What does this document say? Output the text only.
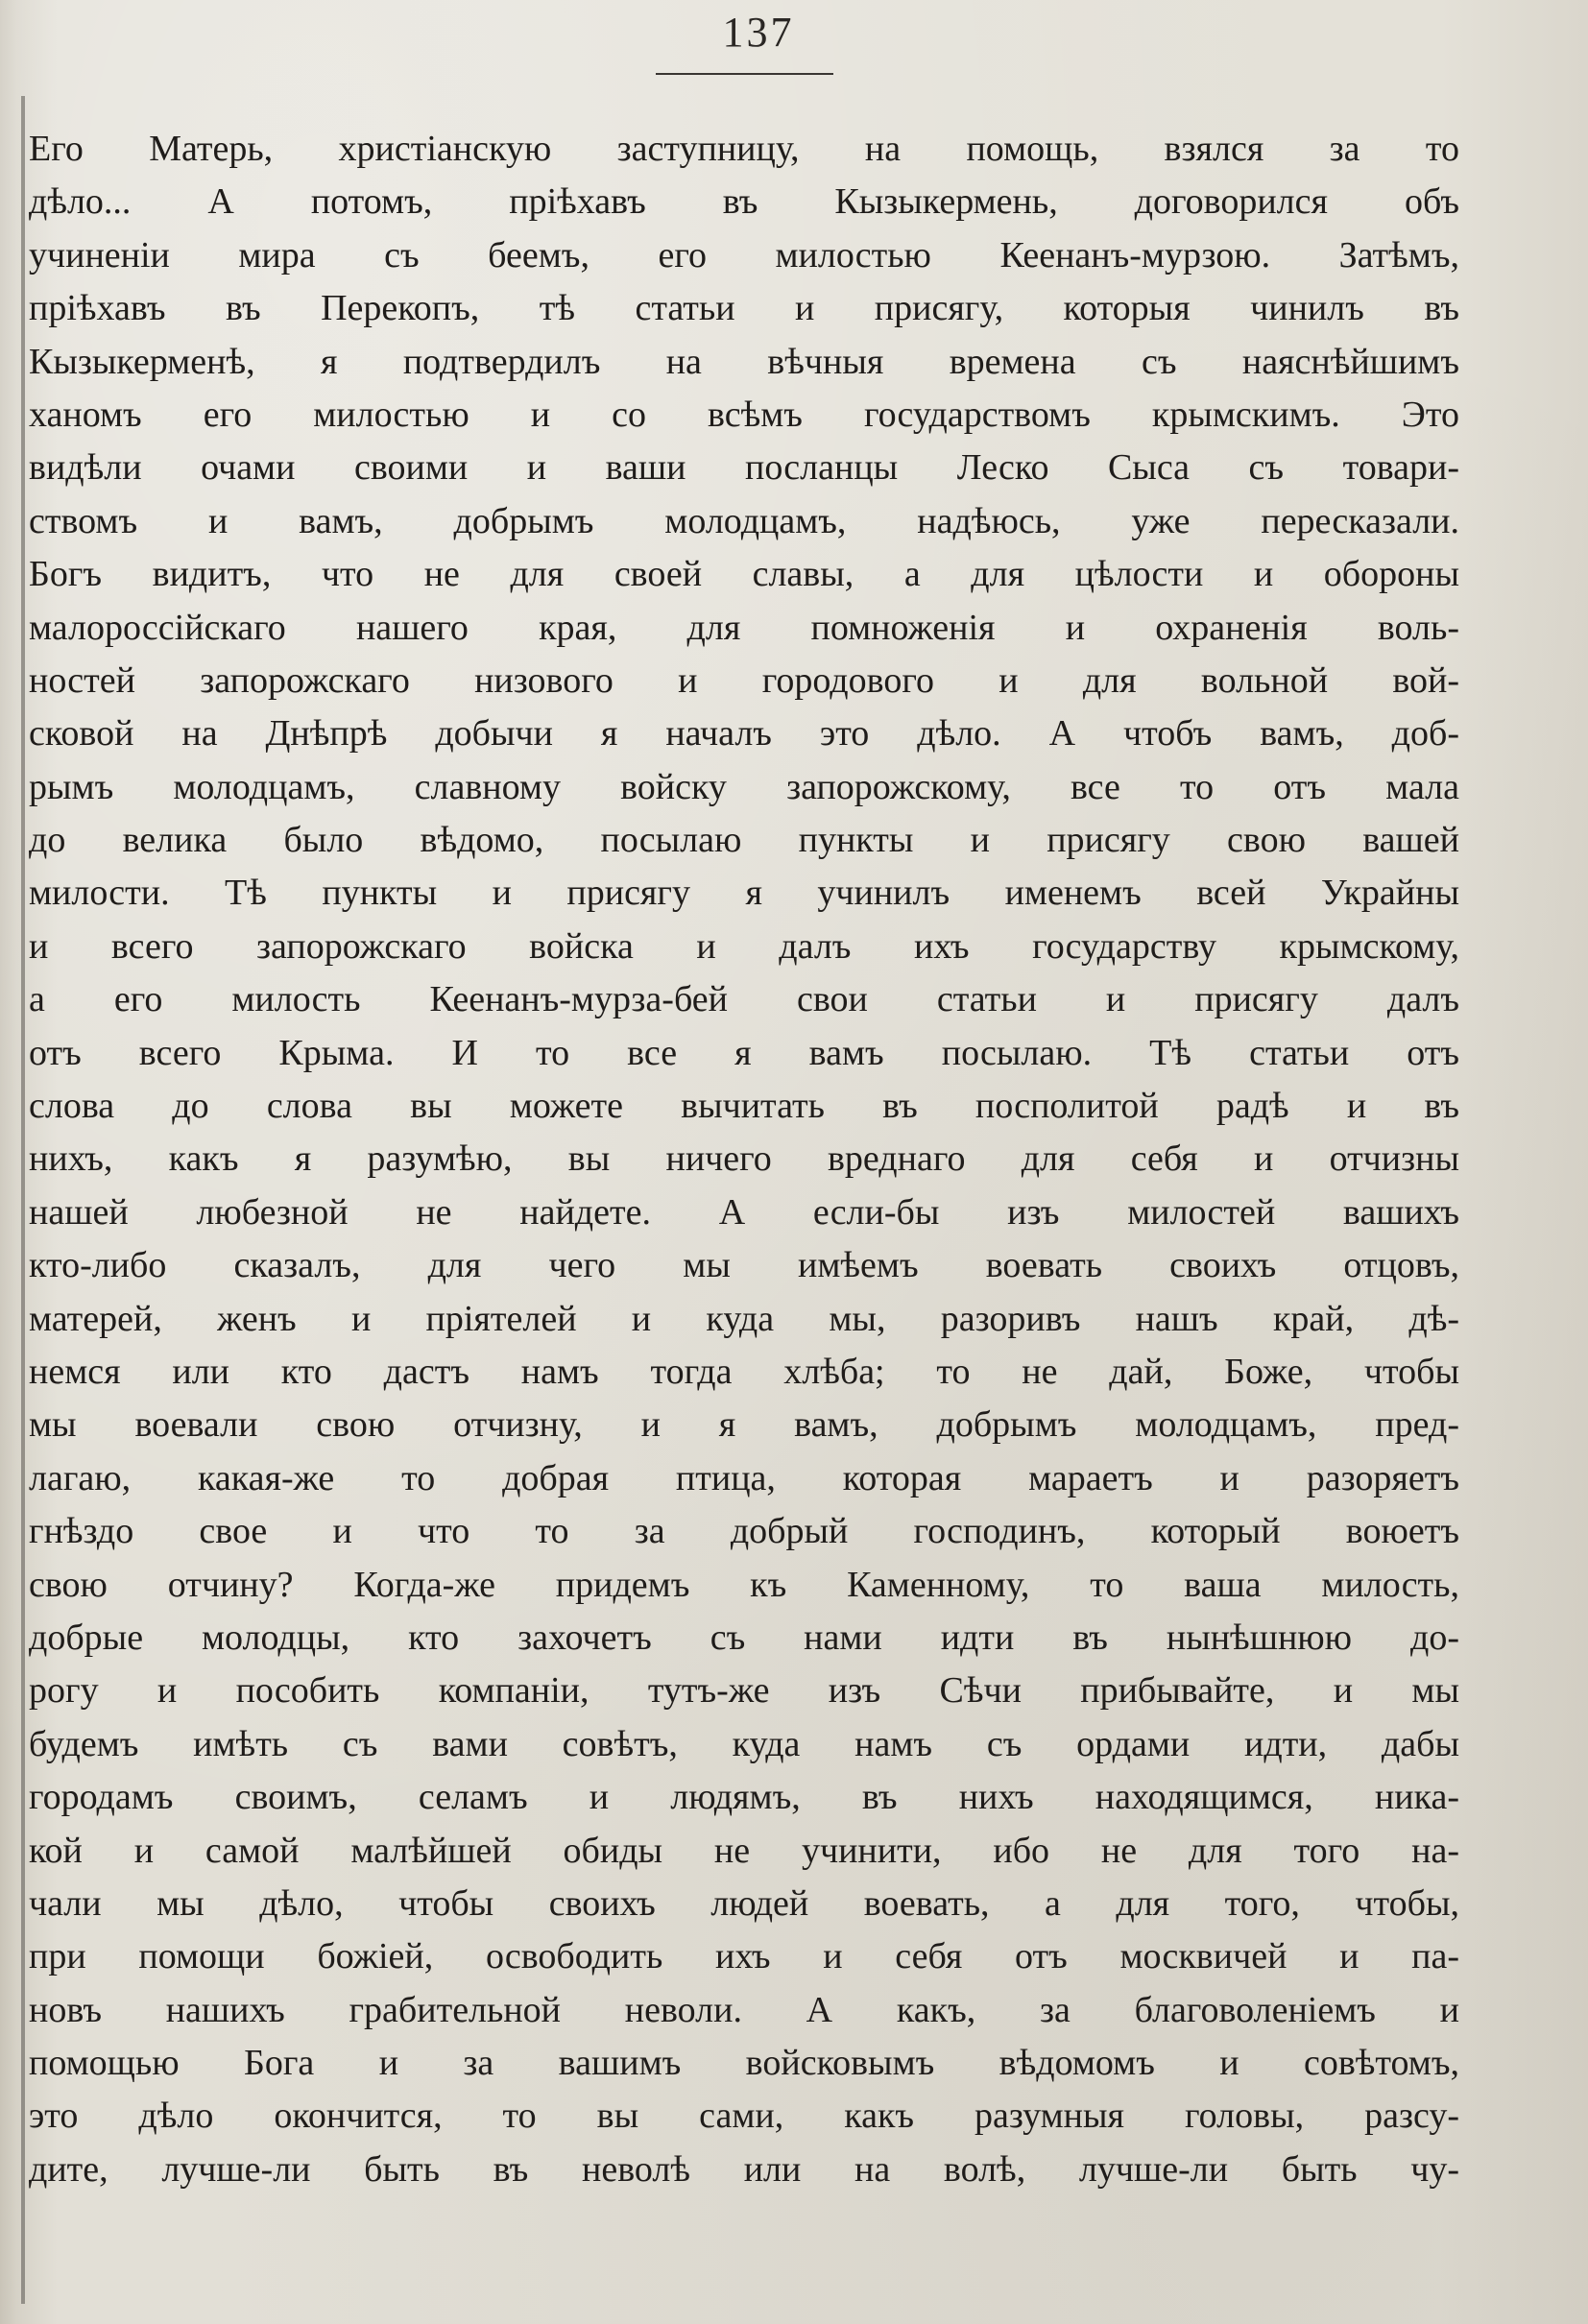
137
Его Матерь, христіанскую заступницу, на помощь, взялся за то
дѣло... А потомъ, пріѣхавъ въ Кызыкермень, договорился объ
учиненіи мира съ беемъ, его милостью Кеенанъ-мурзою. Затѣмъ,
пріѣхавъ въ Перекопъ, тѣ статьи и присягу, которыя чинилъ въ
Кызыкерменѣ, я подтвердилъ на вѣчныя времена съ наяснѣйшимъ
ханомъ его милостью и со всѣмъ государствомъ крымскимъ. Это
видѣли очами своими и ваши посланцы Леско Сыса съ товари-
ствомъ и вамъ, добрымъ молодцамъ, надѣюсь, уже пересказали.
Богъ видитъ, что не для своей славы, а для цѣлости и обороны
малороссійскаго нашего края, для помноженія и охраненія воль-
ностей запорожскаго низового и городового и для вольной вой-
сковой на Днѣпрѣ добычи я началъ это дѣло. А чтобъ вамъ, доб-
рымъ молодцамъ, славному войску запорожскому, все то отъ мала
до велика было вѣдомо, посылаю пункты и присягу свою вашей
милости. Тѣ пункты и присягу я учинилъ именемъ всей Украйны
и всего запорожскаго войска и далъ ихъ государству крымскому,
а его милость Кеенанъ-мурза-бей свои статьи и присягу далъ
отъ всего Крыма. И то все я вамъ посылаю. Тѣ статьи отъ
слова до слова вы можете вычитать въ посполитой радѣ и въ
нихъ, какъ я разумѣю, вы ничего вреднаго для себя и отчизны
нашей любезной не найдете. А если-бы изъ милостей вашихъ
кто-либо сказалъ, для чего мы имѣемъ воевать своихъ отцовъ,
матерей, женъ и пріятелей и куда мы, разоривъ нашъ край, дѣ-
немся или кто дастъ намъ тогда хлѣба; то не дай, Боже, чтобы
мы воевали свою отчизну, и я вамъ, добрымъ молодцамъ, пред-
лагаю, какая-же то добрая птица, которая мараетъ и разоряетъ
гнѣздо свое и что то за добрый господинъ, который воюетъ
свою отчину? Когда-же придемъ къ Каменному, то ваша милость,
добрые молодцы, кто захочетъ съ нами идти въ нынѣшнюю до-
рогу и пособить компаніи, тутъ-же изъ Сѣчи прибывайте, и мы
будемъ имѣть съ вами совѣтъ, куда намъ съ ордами идти, дабы
городамъ своимъ, селамъ и людямъ, въ нихъ находящимся, ника-
кой и самой малѣйшей обиды не учинити, ибо не для того на-
чали мы дѣло, чтобы своихъ людей воевать, а для того, чтобы,
при помощи божіей, освободить ихъ и себя отъ москвичей и па-
новъ нашихъ грабительной неволи. А какъ, за благоволеніемъ и
помощью Бога и за вашимъ войсковымъ вѣдомомъ и совѣтомъ,
это дѣло окончится, то вы сами, какъ разумныя головы, разсу-
дите, лучше-ли быть въ неволѣ или на волѣ, лучше-ли быть чу-
